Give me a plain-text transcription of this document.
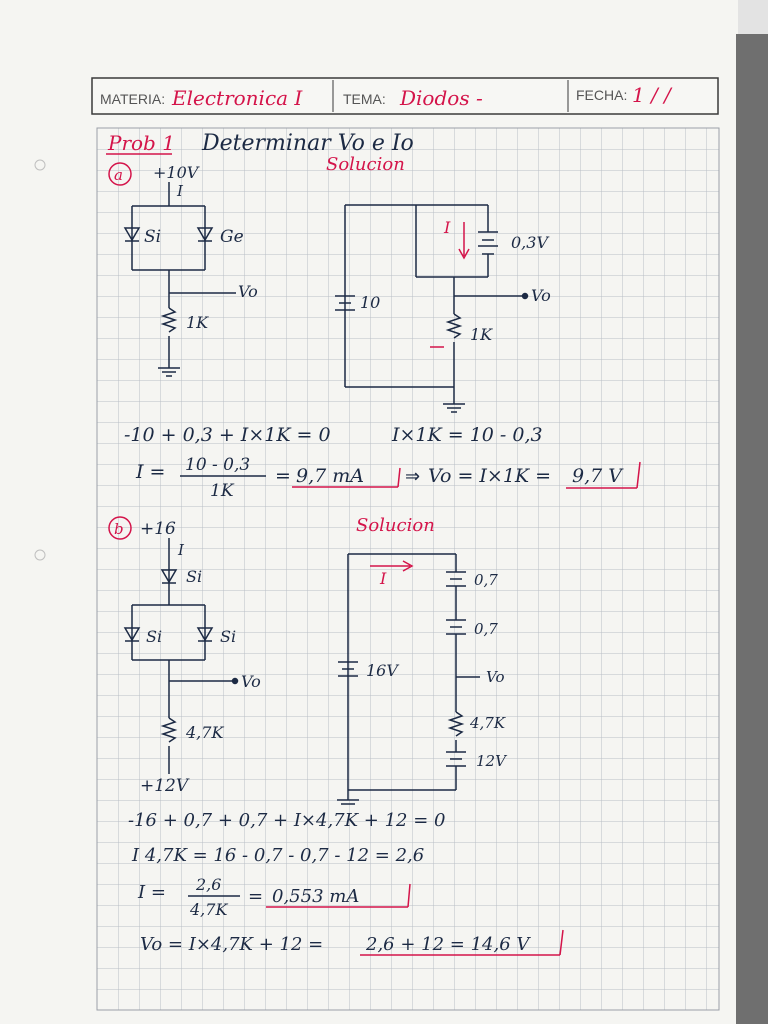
MATERIA: Electronica I	TEMA: Diodos -	FECHA: 1 / /
Prob 1 Determinar Vo e Io
a	Solucion
+10V
I
Si	Ge
Vo
1K
I
10
0,3V
Vo
1K
-10 + 0,3 + I×1K = 0	I×1K = 10 - 0,3
I = 10 - 0,3
1K
= 9,7 mA ⇒ Vo = I×1K = 9,7 V
b +16	Solucion
I
Si
Si	Si
Vo
4,7K
+12V
I	0,7
0,7
16V	Vo
4,7K
12V
-16 + 0,7 + 0,7 + I×4,7K + 12 = 0
I 4,7K = 16 - 0,7 - 0,7 - 12 = 2,6
I = 2,6
4,7K
= 0,553 mA
Vo = I×4,7K + 12 = 2,6 + 12 = 14,6 V
